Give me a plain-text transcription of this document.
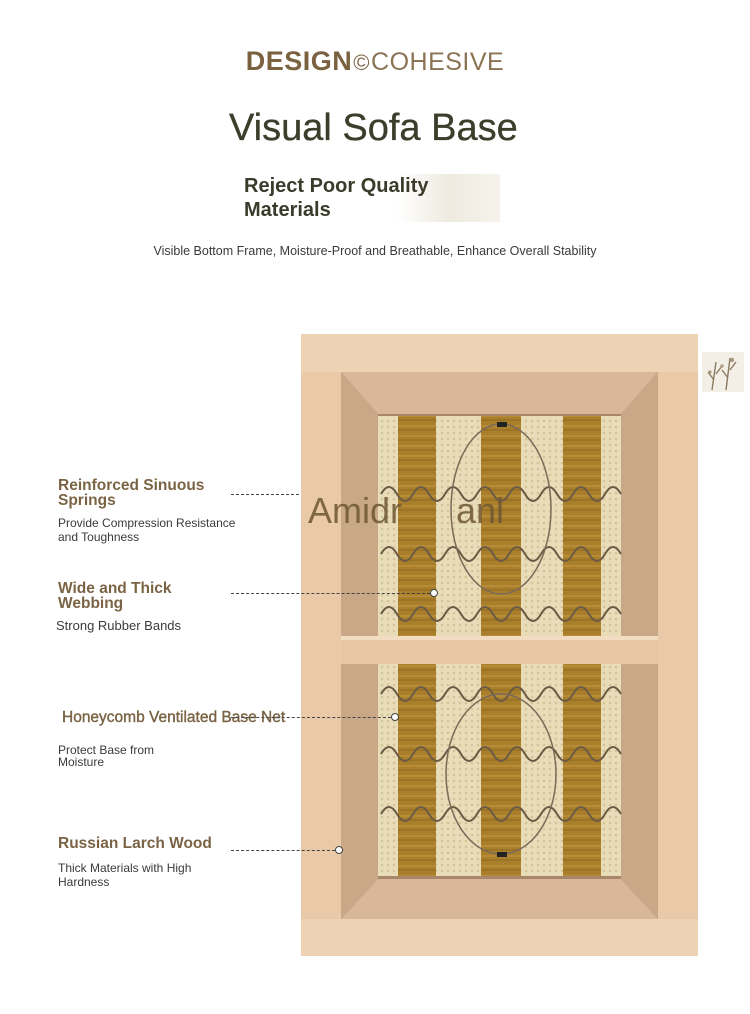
DESIGN©COHESIVE
Visual Sofa Base
Reject Poor Quality Materials
Visible Bottom Frame, Moisture-Proof and Breathable, Enhance Overall Stability
Amidr anl
Reinforced Sinuous Springs
Provide Compression Resistance and Toughness
Wide and Thick Webbing
Strong Rubber Bands
Honeycomb Ventilated Base Net
Protect Base from Moisture
Russian Larch Wood
Thick Materials with High Hardness
